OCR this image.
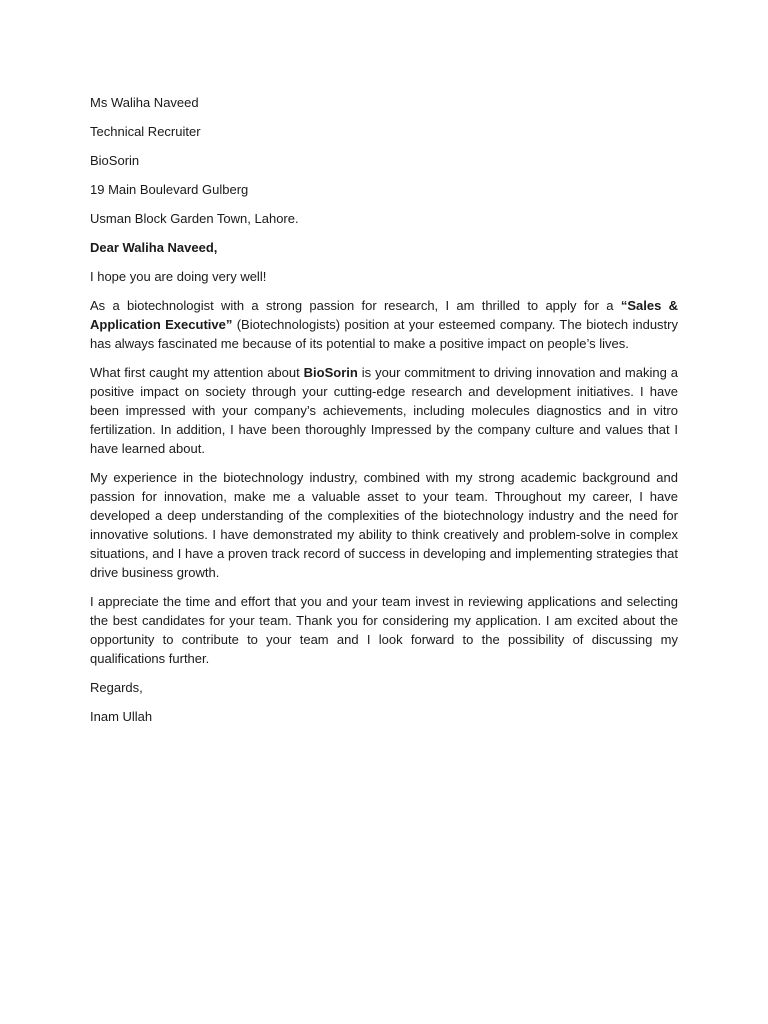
Ms Waliha Naveed
Technical Recruiter
BioSorin
19 Main Boulevard Gulberg
Usman Block Garden Town, Lahore.
Dear Waliha Naveed,
I hope you are doing very well!

As a biotechnologist with a strong passion for research, I am thrilled to apply for a “Sales & Application Executive” (Biotechnologists) position at your esteemed company. The biotech industry has always fascinated me because of its potential to make a positive impact on people’s lives.

What first caught my attention about BioSorin is your commitment to driving innovation and making a positive impact on society through your cutting-edge research and development initiatives. I have been impressed with your company’s achievements, including molecules diagnostics and in vitro fertilization. In addition, I have been thoroughly Impressed by the company culture and values that I have learned about.

My experience in the biotechnology industry, combined with my strong academic background and passion for innovation, make me a valuable asset to your team. Throughout my career, I have developed a deep understanding of the complexities of the biotechnology industry and the need for innovative solutions. I have demonstrated my ability to think creatively and problem-solve in complex situations, and I have a proven track record of success in developing and implementing strategies that drive business growth.

I appreciate the time and effort that you and your team invest in reviewing applications and selecting the best candidates for your team. Thank you for considering my application. I am excited about the opportunity to contribute to your team and I look forward to the possibility of discussing my qualifications further.

Regards,
Inam Ullah
